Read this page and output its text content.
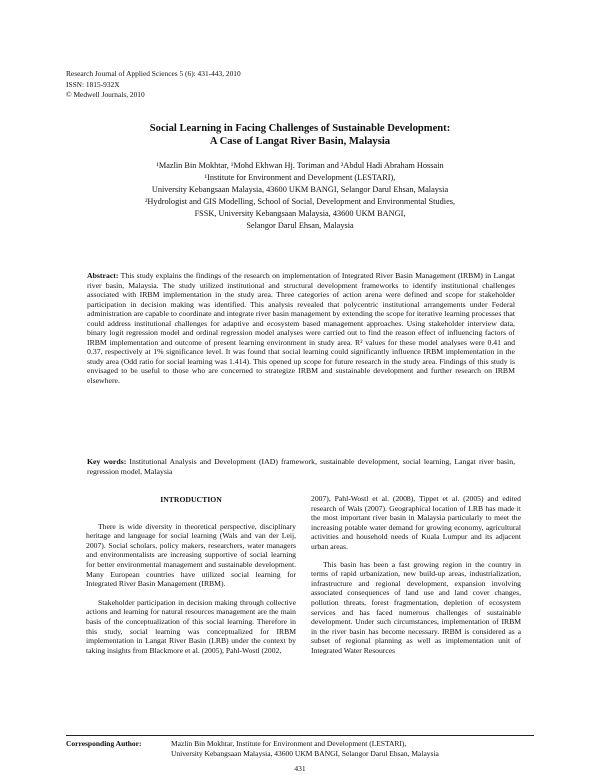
Research Journal of Applied Sciences 5 (6): 431-443, 2010
ISSN: 1815-932X
© Medwell Journals, 2010
Social Learning in Facing Challenges of Sustainable Development:
A Case of Langat River Basin, Malaysia
¹Mazlin Bin Mokhtar, ¹Mohd Ekhwan Hj. Toriman and ²Abdul Hadi Abraham Hossain
¹Institute for Environment and Development (LESTARI),
University Kebangsaan Malaysia, 43600 UKM BANGI, Selangor Darul Ehsan, Malaysia
²Hydrologist and GIS Modelling, School of Social, Development and Environmental Studies,
FSSK, University Kebangsaan Malaysia, 43600 UKM BANGI,
Selangor Darul Ehsan, Malaysia
Abstract: This study explains the findings of the research on implementation of Integrated River Basin Management (IRBM) in Langat river basin, Malaysia. The study utilized institutional and structural development frameworks to identify institutional challenges associated with IRBM implementation in the study area. Three categories of action arena were defined and scope for stakeholder participation in decision making was identified. This analysis revealed that polycentric institutional arrangements under Federal administration are capable to coordinate and integrate river basin management by extending the scope for iterative learning processes that could address institutional challenges for adaptive and ecosystem based management approaches. Using stakeholder interview data, binary logit regression model and ordinal regression model analyses were carried out to find the reason effect of influencing factors of IRBM implementation and outcome of present learning environment in study area. R² values for these model analyses were 0.41 and 0.37, respectively at 1% significance level. It was found that social learning could significantly influence IRBM implementation in the study area (Odd ratio for social learning was 1.414). This opened up scope for future research in the study area. Findings of this study is envisaged to be useful to those who are concerned to strategize IRBM and sustainable development and further research on IRBM elsewhere.
Key words: Institutional Analysis and Development (IAD) framework, sustainable development, social learning, Langat river basin, regression model, Malaysia
INTRODUCTION

There is wide diversity in theoretical perspective, disciplinary heritage and language for social learning (Wals and van der Leij, 2007). Social scholars, policy makers, researchers, water managers and environmentalists are increasing supportive of social learning for better environmental management and sustainable development. Many European countries have utilized social learning for Integrated River Basin Management (IRBM).

Stakeholder participation in decision making through collective actions and learning for natural resources management are the main basis of the conceptualization of this social learning. Therefore in this study, social learning was conceptualized for IRBM implementation in Langat River Basin (LRB) under the context by taking insights from Blackmore et al. (2005), Pahl-Wostl (2002,

2007), Pahl-Wostl et al. (2008), Tippet et al. (2005) and edited research of Wals (2007). Geographical location of LRB has made it the most important river basin in Malaysia particularly to meet the increasing potable water demand for growing economy, agricultural activities and household needs of Kuala Lumpur and its adjacent urban areas.

This basin has been a fast growing region in the country in terms of rapid urbanization, new build-up areas, industrialization, infrastructure and regional development, expansion involving associated consequences of land use and land cover changes, pollution threats, forest fragmentation, depletion of ecosystem services and has faced numerous challenges of sustainable development. Under such circumstances, implementation of IRBM in the river basin has become necessary. IRBM is considered as a subset of regional planning as well as implementation unit of Integrated Water Resources

Corresponding Author:	Mazlin Bin Mokhtar, Institute for Environment and Development (LESTARI),
University Kebangsaan Malaysia, 43600 UKM BANGI, Selangor Darul Ehsan, Malaysia
431
